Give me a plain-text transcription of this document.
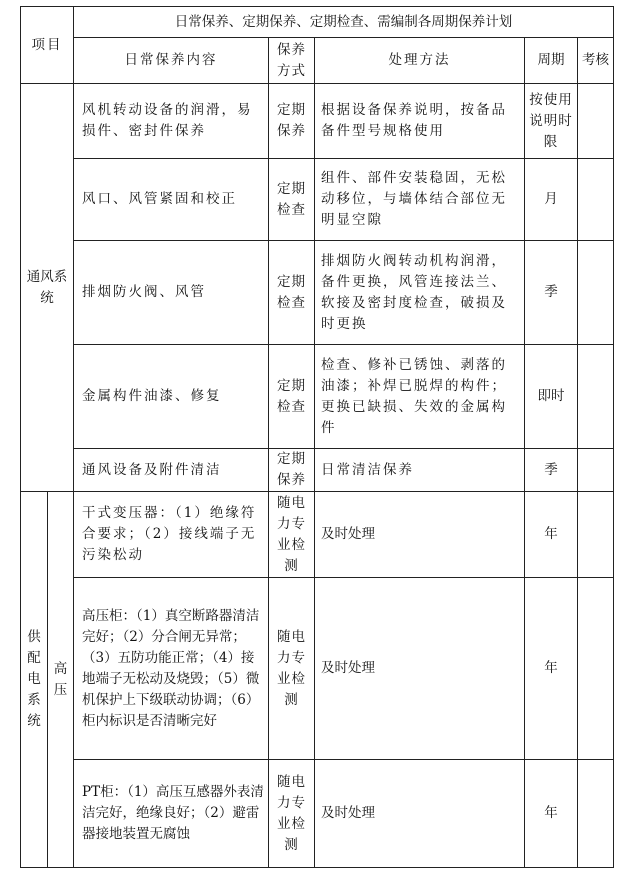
项目		日常保养、定期保养、定期检查、需编制各周期保养计划				
		日常保养内容	保养方式	处理方法	周期	考核
通风系统		风机转动设备的润滑，易损件、密封件保养	定期保养	根据设备保养说明，按备品备件型号规格使用	按使用说明时限	
		风口、风管紧固和校正	定期检查	组件、部件安装稳固，无松动移位，与墙体结合部位无明显空隙	月	
		排烟防火阀、风管	定期检查	排烟防火阀转动机构润滑，备件更换，风管连接法兰、软接及密封度检查，破损及时更换	季	
		金属构件油漆、修复	定期检查	检查、修补已锈蚀、剥落的油漆；补焊已脱焊的构件；更换已缺损、失效的金属构件	即时	
		通风设备及附件清洁	定期保养	日常清洁保养	季	
供配电系统	高压	干式变压器：（1）绝缘符合要求；（2）接线端子无污染松动	随电力专业检测	及时处理	年	
		高压柜：（1）真空断路器清洁完好；（2）分合闸无异常；（3）五防功能正常；（4）接地端子无松动及烧毁；（5）微机保护上下级联动协调；（6）柜内标识是否清晰完好	随电力专业检测	及时处理	年	
		PT柜：（1）高压互感器外表清洁完好，绝缘良好；（2）避雷器接地装置无腐蚀	随电力专业检测	及时处理	年	
